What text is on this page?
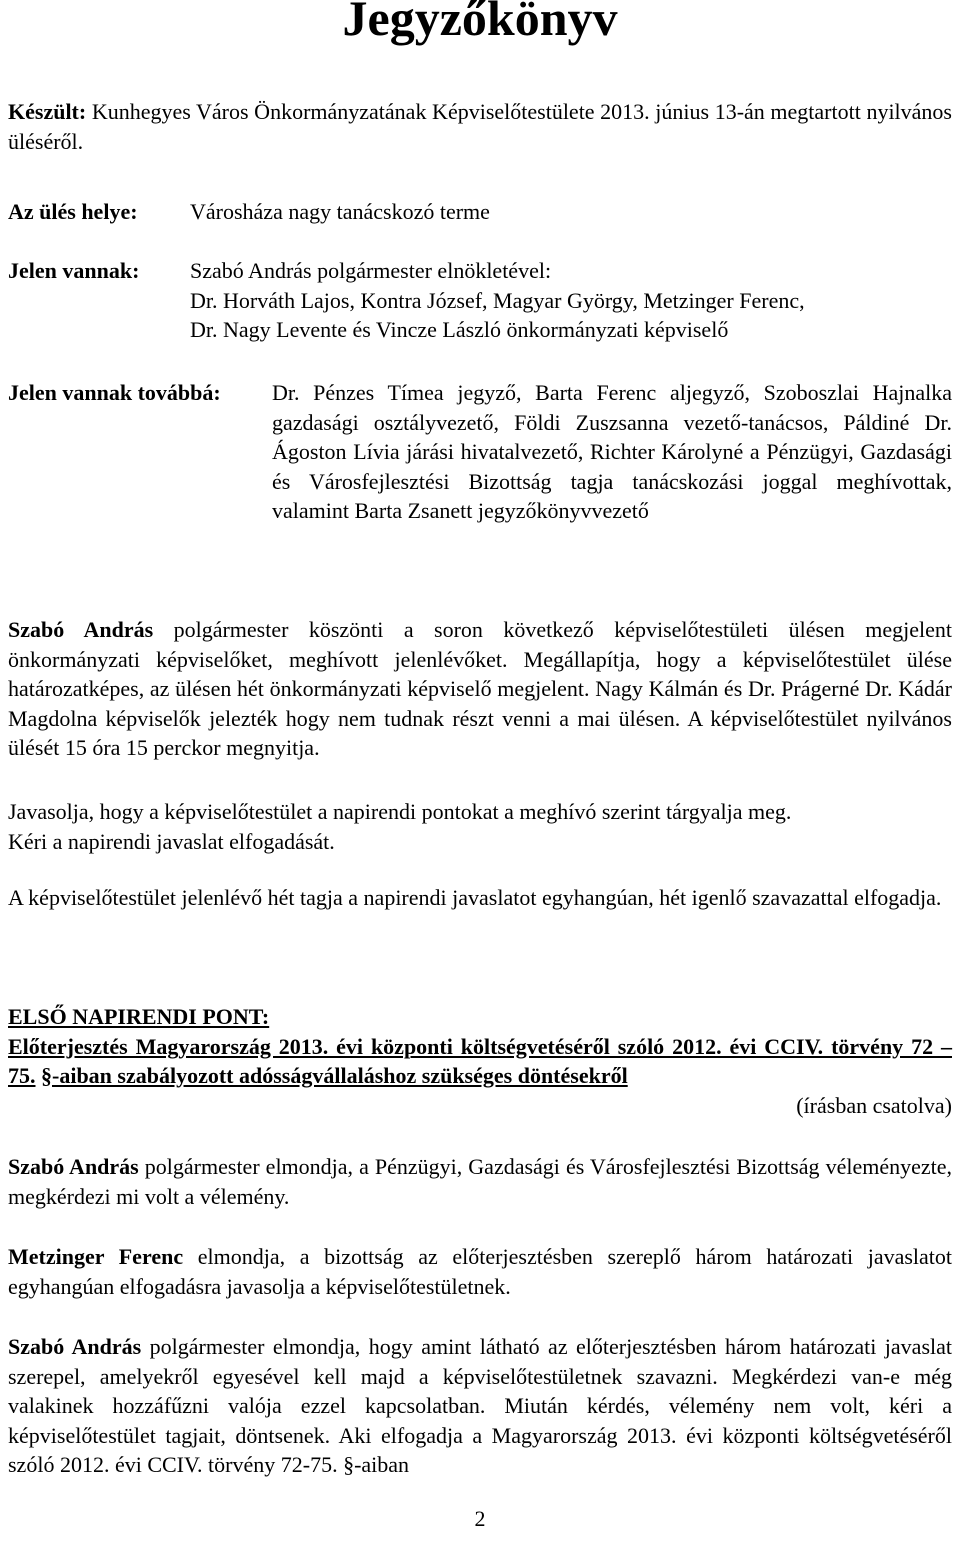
Jegyzőkönyv

Készült: Kunhegyes Város Önkormányzatának Képviselőtestülete 2013. június 13-án megtartott nyilvános üléséről.

Az ülés helye: Városháza nagy tanácskozó terme
Jelen vannak: Szabó András polgármester elnökletével:
Dr. Horváth Lajos, Kontra József, Magyar György, Metzinger Ferenc,
Dr. Nagy Levente és Vincze László önkormányzati képviselő
Jelen vannak továbbá: Dr. Pénzes Tímea jegyző, Barta Ferenc aljegyző, Szoboszlai Hajnalka gazdasági osztályvezető, Földi Zuszsanna vezető-tanácsos, Páldiné Dr. Ágoston Lívia járási hivatalvezető, Richter Károlyné a Pénzügyi, Gazdasági és Városfejlesztési Bizottság tagja tanácskozási joggal meghívottak, valamint Barta Zsanett jegyzőkönyvvezető

Szabó András polgármester köszönti a soron következő képviselőtestületi ülésen megjelent önkormányzati képviselőket, meghívott jelenlévőket. Megállapítja, hogy a képviselőtestület ülése határozatképes, az ülésen hét önkormányzati képviselő megjelent. Nagy Kálmán és Dr. Prágerné Dr. Kádár Magdolna képviselők jelezték hogy nem tudnak részt venni a mai ülésen. A képviselőtestület nyilvános ülését 15 óra 15 perckor megnyitja.

Javasolja, hogy a képviselőtestület a napirendi pontokat a meghívó szerint tárgyalja meg.
Kéri a napirendi javaslat elfogadását.

A képviselőtestület jelenlévő hét tagja a napirendi javaslatot egyhangúan, hét igenlő szavazattal elfogadja.

ELSŐ NAPIRENDI PONT:
Előterjesztés Magyarország 2013. évi központi költségvetéséről szóló 2012. évi CCIV. törvény 72 – 75. §-aiban szabályozott adósságvállaláshoz szükséges döntésekről
(írásban csatolva)

Szabó András polgármester elmondja, a Pénzügyi, Gazdasági és Városfejlesztési Bizottság véleményezte, megkérdezi mi volt a vélemény.

Metzinger Ferenc elmondja, a bizottság az előterjesztésben szereplő három határozati javaslatot egyhangúan elfogadásra javasolja a képviselőtestületnek.

Szabó András polgármester elmondja, hogy amint látható az előterjesztésben három határozati javaslat szerepel, amelyekről egyesével kell majd a képviselőtestületnek szavazni. Megkérdezi van-e még valakinek hozzáfűzni valója ezzel kapcsolatban. Miután kérdés, vélemény nem volt, kéri a képviselőtestület tagjait, döntsenek. Aki elfogadja a Magyarország 2013. évi központi költségvetéséről szóló 2012. évi CCIV. törvény 72-75. §-aiban

2
